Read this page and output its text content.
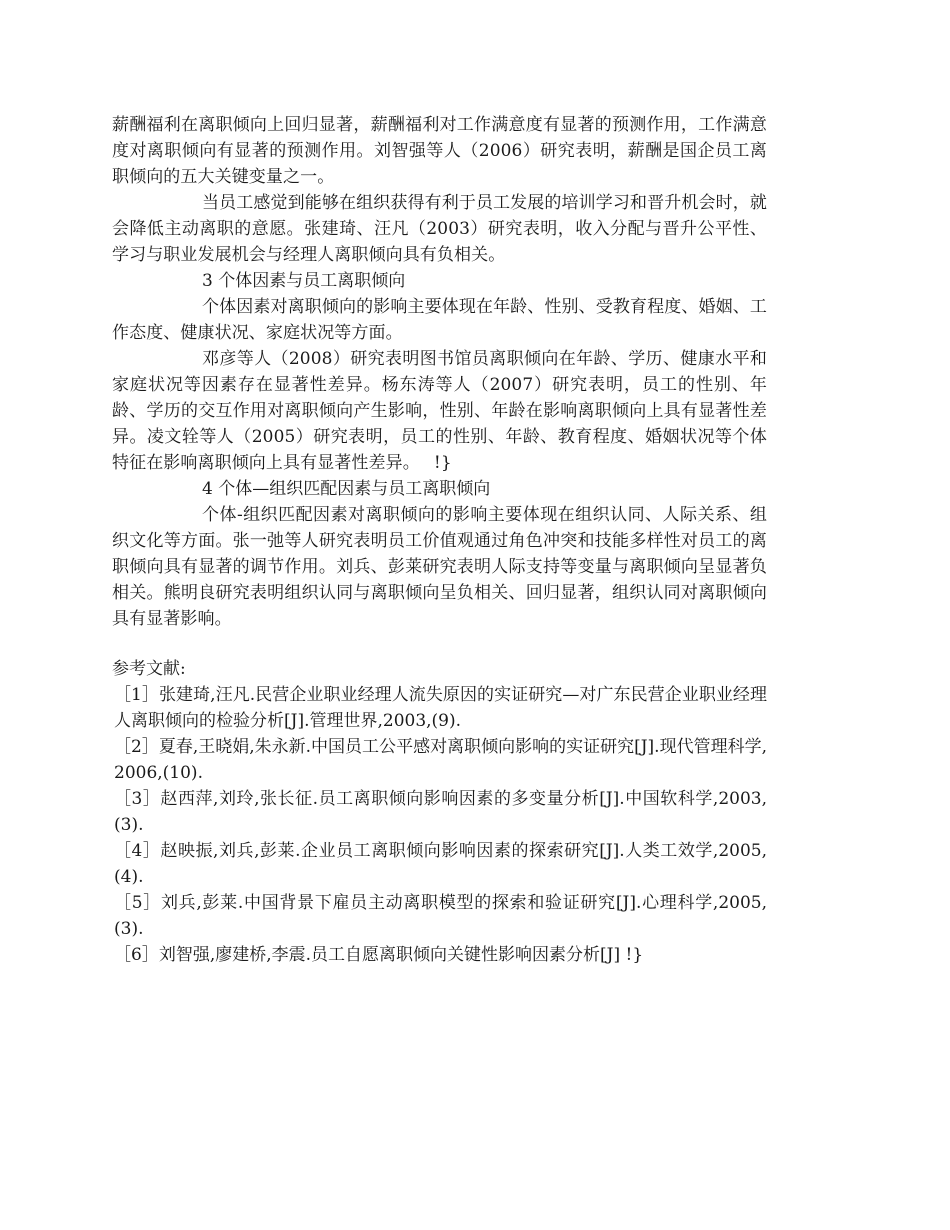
薪酬福利在离职倾向上回归显著，薪酬福利对工作满意度有显著的预测作用，工作满意度对离职倾向有显著的预测作用。刘智强等人（2006）研究表明，薪酬是国企员工离职倾向的五大关键变量之一。

当员工感觉到能够在组织获得有利于员工发展的培训学习和晋升机会时，就会降低主动离职的意愿。张建琦、汪凡（2003）研究表明，收入分配与晋升公平性、学习与职业发展机会与经理人离职倾向具有负相关。

3 个体因素与员工离职倾向

个体因素对离职倾向的影响主要体现在年龄、性别、受教育程度、婚姻、工作态度、健康状况、家庭状况等方面。

邓彦等人（2008）研究表明图书馆员离职倾向在年龄、学历、健康水平和家庭状况等因素存在显著性差异。杨东涛等人（2007）研究表明，员工的性别、年龄、学历的交互作用对离职倾向产生影响，性别、年龄在影响离职倾向上具有显著性差异。凌文辁等人（2005）研究表明，员工的性别、年龄、教育程度、婚姻状况等个体特征在影响离职倾向上具有显著性差异。　 !}

4 个体—组织匹配因素与员工离职倾向

个体-组织匹配因素对离职倾向的影响主要体现在组织认同、人际关系、组织文化等方面。张一弛等人研究表明员工价值观通过角色冲突和技能多样性对员工的离职倾向具有显著的调节作用。刘兵、彭莱研究表明人际支持等变量与离职倾向呈显著负相关。熊明良研究表明组织认同与离职倾向呈负相关、回归显著，组织认同对离职倾向具有显著影响。

参考文献:

［1］张建琦,汪凡.民营企业职业经理人流失原因的实证研究—对广东民营企业职业经理人离职倾向的检验分析[J].管理世界,2003,(9).

［2］夏春,王晓娟,朱永新.中国员工公平感对离职倾向影响的实证研究[J].现代管理科学,2006,(10).

［3］赵西萍,刘玲,张长征.员工离职倾向影响因素的多变量分析[J].中国软科学,2003,(3).

［4］赵映振,刘兵,彭莱.企业员工离职倾向影响因素的探索研究[J].人类工效学,2005,(4).

［5］刘兵,彭莱.中国背景下雇员主动离职模型的探索和验证研究[J].心理科学,2005,(3).

［6］刘智强,廖建桥,李震.员工自愿离职倾向关键性影响因素分析[J] !}
